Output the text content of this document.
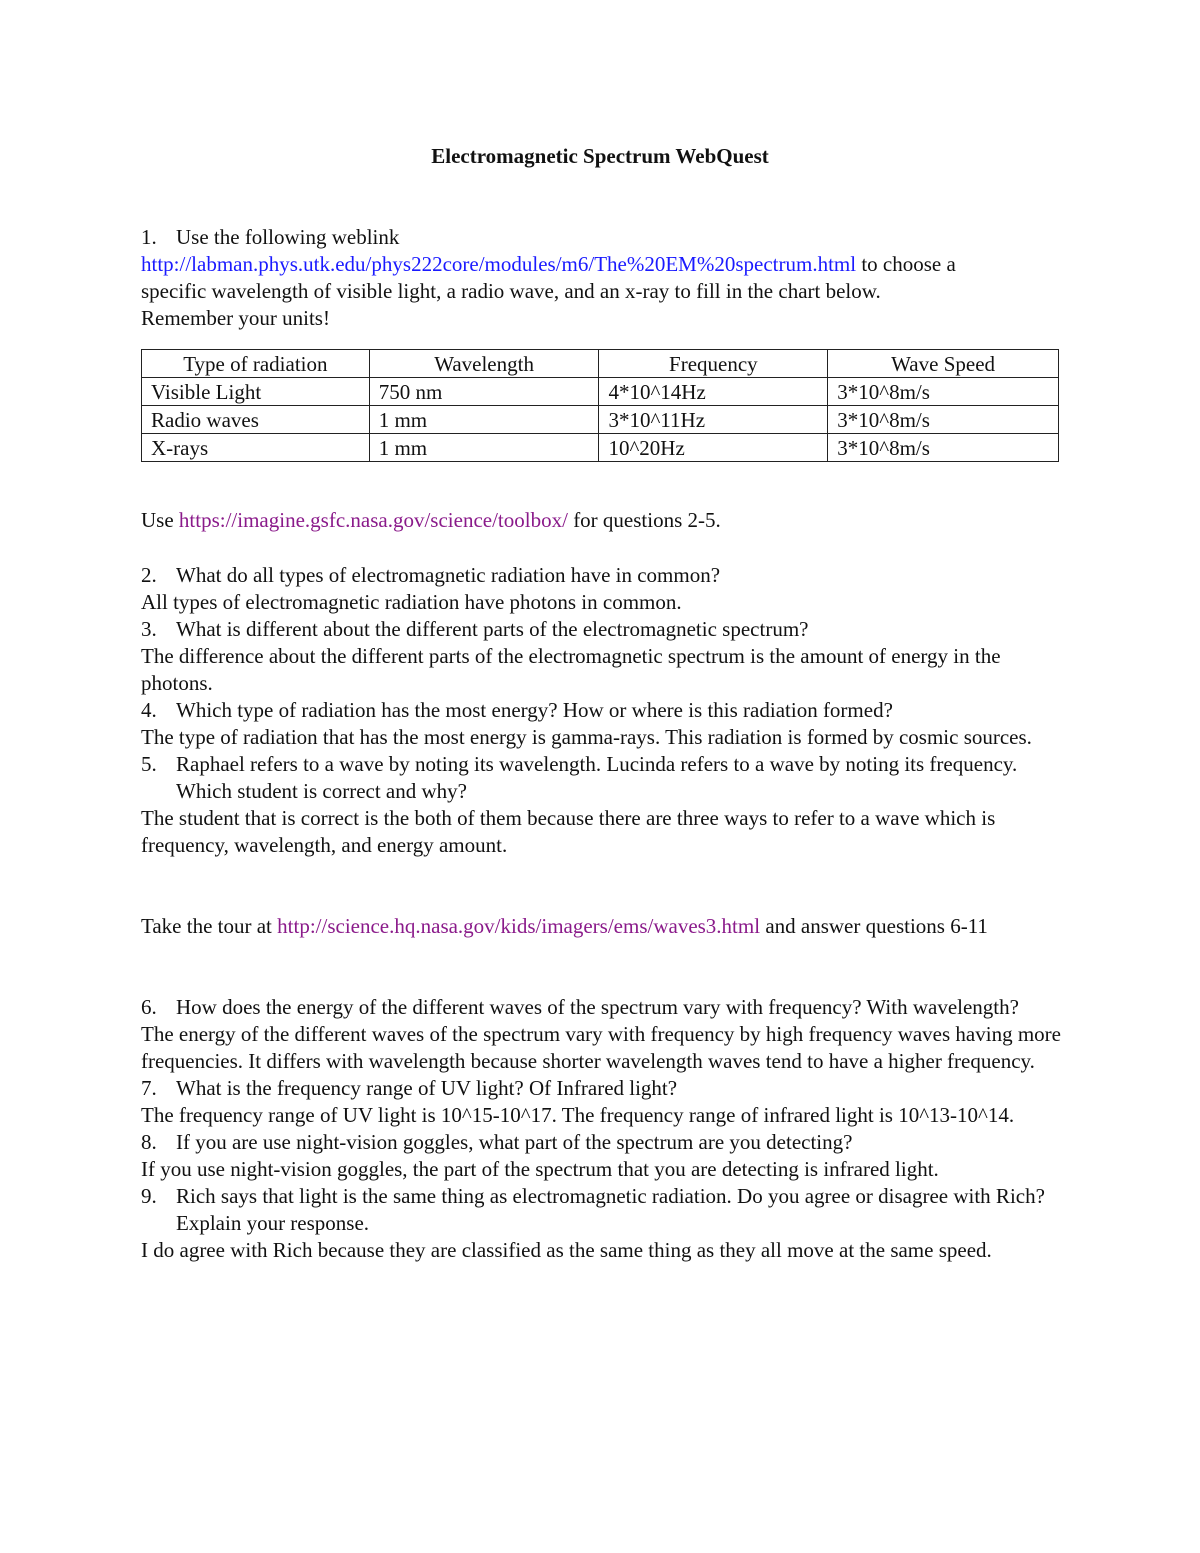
Electromagnetic Spectrum WebQuest
1. Use the following weblink
http://labman.phys.utk.edu/phys222core/modules/m6/The%20EM%20spectrum.html to choose a
specific wavelength of visible light, a radio wave, and an x-ray to fill in the chart below.
Remember your units!
Type of radiation	Wavelength	Frequency	Wave Speed
Visible Light	750 nm	4*10^14Hz	3*10^8m/s
Radio waves	1 mm	3*10^11Hz	3*10^8m/s
X-rays	1 mm	10^20Hz	3*10^8m/s
Use https://imagine.gsfc.nasa.gov/science/toolbox/ for questions 2-5.
2. What do all types of electromagnetic radiation have in common?
All types of electromagnetic radiation have photons in common.
3. What is different about the different parts of the electromagnetic spectrum?
The difference about the different parts of the electromagnetic spectrum is the amount of energy in the photons.
4. Which type of radiation has the most energy? How or where is this radiation formed?
The type of radiation that has the most energy is gamma-rays. This radiation is formed by cosmic sources.
5. Raphael refers to a wave by noting its wavelength. Lucinda refers to a wave by noting its frequency. Which student is correct and why?
The student that is correct is the both of them because there are three ways to refer to a wave which is frequency, wavelength, and energy amount.
Take the tour at http://science.hq.nasa.gov/kids/imagers/ems/waves3.html and answer questions 6-11
6. How does the energy of the different waves of the spectrum vary with frequency? With wavelength?
The energy of the different waves of the spectrum vary with frequency by high frequency waves having more frequencies. It differs with wavelength because shorter wavelength waves tend to have a higher frequency.
7. What is the frequency range of UV light? Of Infrared light?
The frequency range of UV light is 10^15-10^17. The frequency range of infrared light is 10^13-10^14.
8. If you are use night-vision goggles, what part of the spectrum are you detecting?
If you use night-vision goggles, the part of the spectrum that you are detecting is infrared light.
9. Rich says that light is the same thing as electromagnetic radiation. Do you agree or disagree with Rich? Explain your response.
I do agree with Rich because they are classified as the same thing as they all move at the same speed.
